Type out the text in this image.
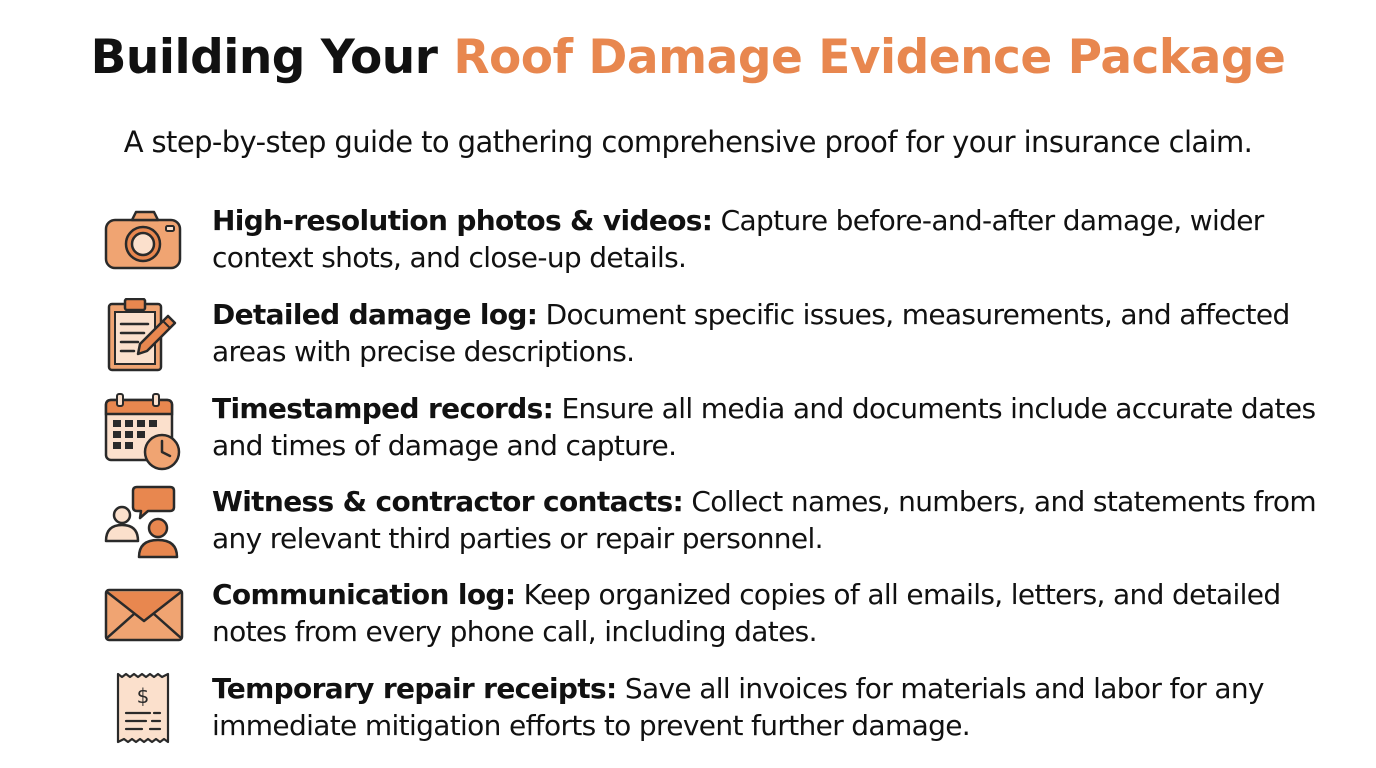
Building Your Roof Damage Evidence Package

A step-by-step guide to gathering comprehensive proof for your insurance claim.

High-resolution photos & videos: Capture before-and-after damage, wider context shots, and close-up details.
Detailed damage log: Document specific issues, measurements, and affected areas with precise descriptions.
Timestamped records: Ensure all media and documents include accurate dates and times of damage and capture.
Witness & contractor contacts: Collect names, numbers, and statements from any relevant third parties or repair personnel.
Communication log: Keep organized copies of all emails, letters, and detailed notes from every phone call, including dates.
$ Temporary repair receipts: Save all invoices for materials and labor for any immediate mitigation efforts to prevent further damage.
